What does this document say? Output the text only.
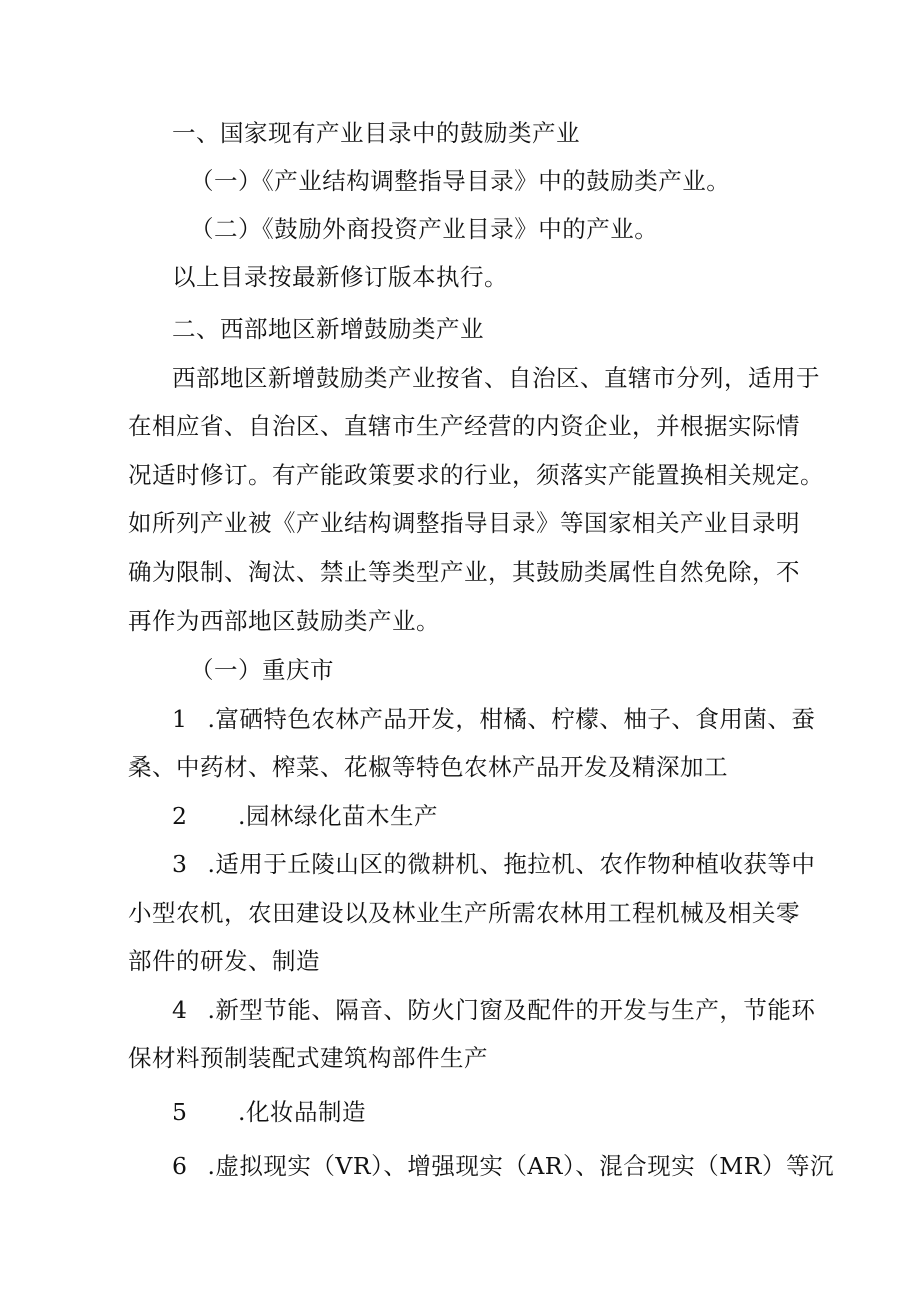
一、国家现有产业目录中的鼓励类产业
（一）《产业结构调整指导目录》中的鼓励类产业。
（二）《鼓励外商投资产业目录》中的产业。
以上目录按最新修订版本执行。
二、西部地区新增鼓励类产业
西部地区新增鼓励类产业按省、自治区、直辖市分列，适用于
在相应省、自治区、直辖市生产经营的内资企业，并根据实际情
况适时修订。有产能政策要求的行业，须落实产能置换相关规定。
如所列产业被《产业结构调整指导目录》等国家相关产业目录明
确为限制、淘汰、禁止等类型产业，其鼓励类属性自然免除，不
再作为西部地区鼓励类产业。
（一）重庆市
1 .富硒特色农林产品开发，柑橘、柠檬、柚子、食用菌、蚕
桑、中药材、榨菜、花椒等特色农林产品开发及精深加工
2 .园林绿化苗木生产
3 .适用于丘陵山区的微耕机、拖拉机、农作物种植收获等中
小型农机，农田建设以及林业生产所需农林用工程机械及相关零
部件的研发、制造
4 .新型节能、隔音、防火门窗及配件的开发与生产，节能环
保材料预制装配式建筑构部件生产
5 .化妆品制造
6 .虚拟现实（VR）、增强现实（AR）、混合现实（MR）等沉
